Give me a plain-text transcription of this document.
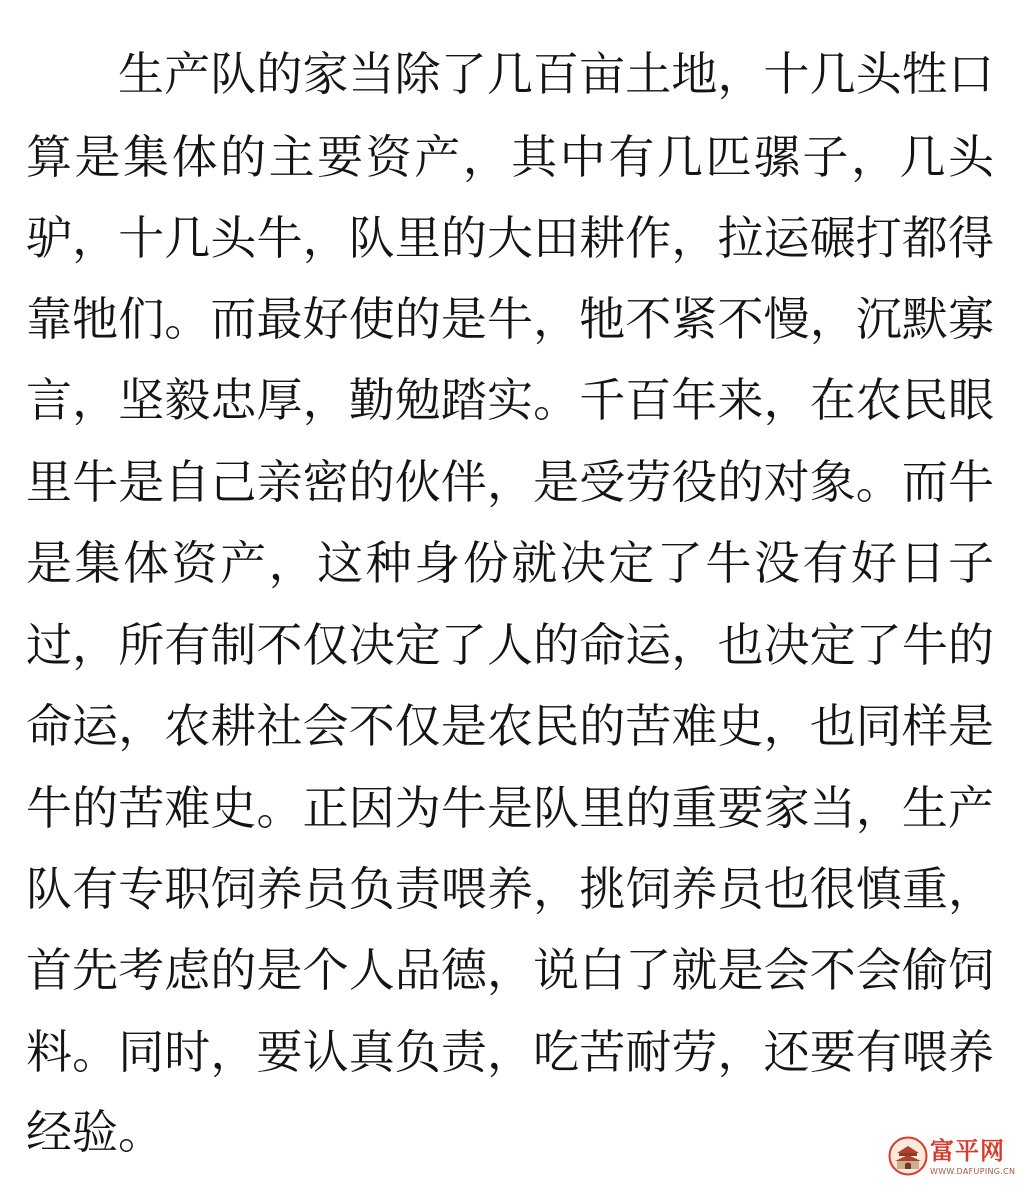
生产队的家当除了几百亩土地，十几头牲口
算是集体的主要资产，其中有几匹骡子，几头
驴，十几头牛，队里的大田耕作，拉运碾打都得
靠牠们。而最好使的是牛，牠不紧不慢，沉默寡
言，坚毅忠厚，勤勉踏实。千百年来，在农民眼
里牛是自己亲密的伙伴，是受劳役的对象。而牛
是集体资产，这种身份就决定了牛没有好日子
过，所有制不仅决定了人的命运，也决定了牛的
命运，农耕社会不仅是农民的苦难史，也同样是
牛的苦难史。正因为牛是队里的重要家当，生产
队有专职饲养员负责喂养，挑饲养员也很慎重，
首先考虑的是个人品德，说白了就是会不会偷饲
料。同时，要认真负责，吃苦耐劳，还要有喂养
经验。	富平网
WWW.DAFUPING.CN
